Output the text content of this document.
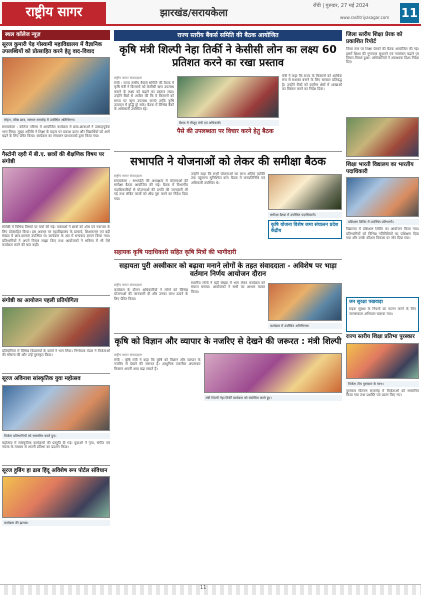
राष्ट्रीय सागर	झारखंड/सरायकेला
राँची | गुरुवार, 27 मई 2024
www.rashtriyasagar.com 11
स्थल कॉलेज न्यूज़
सूरज कुमारी पेड़ गोस्वामी महाविद्यालय में वैज्ञानिक उपलब्धियों को प्रोत्साहित करने हेतु वाद-विवाद
मोहन, वरिष्ठ छात्र, सम्मान समारोह में उपस्थित अतिथिगण।
सरायकेला : कॉलेज परिसर में आयोजित कार्यक्रम में छात्र-छात्राओं ने उत्साहपूर्वक भाग लिया। मुख्य अतिथि ने शिक्षा के महत्व पर प्रकाश डाला और विद्यार्थियों को आगे बढ़ने के लिए प्रेरित किया। कार्यक्रम का संचालन प्राध्यापकों द्वारा किया गया।
गैस्टोनी रहरी में बी.ए. छात्रों की शैक्षणिक विषय पर संगोष्ठी
संगोष्ठी में विभिन्न विषयों पर चर्चा की गई। वक्ताओं ने छात्रों को शोध एवं नवाचार के लिए प्रोत्साहित किया। इस अवसर पर महाविद्यालय के प्राचार्य, शिक्षकगण एवं बड़ी संख्या में छात्र-छात्राएं उपस्थित थे। कार्यक्रम के अंत में धन्यवाद ज्ञापन किया गया। प्रतिभागियों ने अपने विचार साझा किए तथा आयोजकों ने भविष्य में भी ऐसे कार्यक्रम करने की बात कही।
संगोष्ठी का आयोजन पहली प्रतियोगिता
प्रतियोगिता में विभिन्न विद्यालयों के छात्रों ने भाग लिया। निर्णायक मंडल ने विजेताओं की घोषणा की और उन्हें पुरस्कृत किया।
सूरज अविनाश सांस्कृतिक युवा महोत्सव
विजेता प्रतिभागियों को सम्मानित करते हुए।
महोत्सव में सांस्कृतिक कार्यक्रमों की प्रस्तुति दी गई। युवाओं ने नृत्य, संगीत एवं नाटक के माध्यम से अपनी प्रतिभा का प्रदर्शन किया।
सूरज हुबिंग हा ढाब हिंदू अविशेष रूप पोर्टल संविधान
कार्यक्रम की झलक।
राज्य स्तरीय बैंकर्स समिति की बैठक आयोजित
कृषि मंत्री शिल्पी नेहा तिर्की ने केसीसी लोन का लक्ष्य 60 प्रतिशत करने का रखा प्रस्ताव
राष्ट्रीय सागर संवाददाता
रांची : राज्य स्तरीय बैंकर्स समिति की बैठक में कृषि मंत्री ने किसानों को केसीसी ऋण उपलब्ध कराने के लक्ष्य को बढ़ाने का प्रस्ताव रखा। उन्होंने बैंकों से अपील की कि वे किसानों को समय पर ऋण उपलब्ध कराएं ताकि कृषि उत्पादन में वृद्धि हो सके। बैठक में विभिन्न बैंकों के अधिकारी उपस्थित रहे।
बैठक में मौजूद मंत्री एवं अधिकारी।
पैसे की उपलब्धता पर विचार करने हेतु बैठक
मंत्री ने कहा कि राज्य के किसानों को आर्थिक रूप से सशक्त बनाने के लिए सरकार प्रतिबद्ध है। उन्होंने बैंकों को ग्रामीण क्षेत्रों में शाखाओं का विस्तार करने का निर्देश दिया।
सभापति ने योजनाओं को लेकर की समीक्षा बैठक
राष्ट्रीय सागर संवाददाता
सरायकेला : सभापति की अध्यक्षता में योजनाओं की समीक्षा बैठक आयोजित की गई। बैठक में विभागीय पदाधिकारियों से योजनाओं की प्रगति की जानकारी ली गई तथा लंबित कार्यों को शीघ्र पूरा करने का निर्देश दिया गया।
उन्होंने कहा कि सभी योजनाओं का लाभ अंतिम व्यक्ति तक पहुंचाना सुनिश्चित करें। बैठक में जनप्रतिनिधि एवं अधिकारी उपस्थित थे।
समीक्षा बैठक में उपस्थित पदाधिकारी।
कृषि योजना विशेष जमा संचालन प्रदेश केंद्रीय
सहायक कृषि पदाधिकारी सहित कृषि मित्रों की भागीदारी
सहायता पुरी अस्वीकार को बढ़ावा मनाने लोगों के तहत संवाददाता - अविशेष पर भाड़ा वर्तमान निर्णय आयोजन दौरान
राष्ट्रीय सागर संवाददाता
कार्यक्रम के दौरान अधिकारियों ने लोगों को विभिन्न योजनाओं की जानकारी दी और उनका लाभ उठाने के लिए प्रेरित किया।
स्थानीय लोगों ने बड़ी संख्या में भाग लेकर कार्यक्रम को सफल बनाया। आयोजकों ने सभी का आभार व्यक्त किया।
कार्यक्रम में उपस्थित अतिथिगण।
कृषि को विज्ञान और व्यापार के नजरिए से देखने की जरूरत : मंत्री शिल्पी
राष्ट्रीय सागर संवाददाता
रांची : कृषि मंत्री ने कहा कि कृषि को विज्ञान और व्यापार के नजरिए से देखने की जरूरत है। आधुनिक तकनीक अपनाकर किसान अपनी आय बढ़ा सकते हैं।
मंत्री शिल्पी नेहा तिर्की कार्यक्रम को संबोधित करते हुए।
जिला स्तरीय शिक्षा प्रेरक को प्रकाशित रिपोर्ट
जिला स्तर पर शिक्षा प्रेरकों की बैठक आयोजित की गई। इसमें शिक्षा की गुणवत्ता सुधारने एवं नामांकन बढ़ाने पर विचार-विमर्श हुआ। अधिकारियों ने आवश्यक दिशा-निर्देश दिए।
शिक्षा भारती विद्यालय का भारतीय पदाधिकारी
प्रशिक्षण शिविर में उपस्थित प्रतिभागी।
विद्यालय में प्रशिक्षण शिविर का आयोजन किया गया। प्रतिभागियों को विभिन्न गतिविधियों का प्रशिक्षण दिया गया और उनके कौशल विकास पर जोर दिया गया।
जन सुरक्षा पखवाड़ा
सड़क सुरक्षा के नियमों का पालन करने के लिए जागरूकता अभियान चलाया गया।
राज्य स्तरीय शिक्षा प्रतिभा पुरस्कार
विजेता टीम पुरस्कार के साथ।
पुरस्कार वितरण समारोह में विजेताओं को सम्मानित किया गया तथा प्रशस्ति पत्र प्रदान किए गए।
11
